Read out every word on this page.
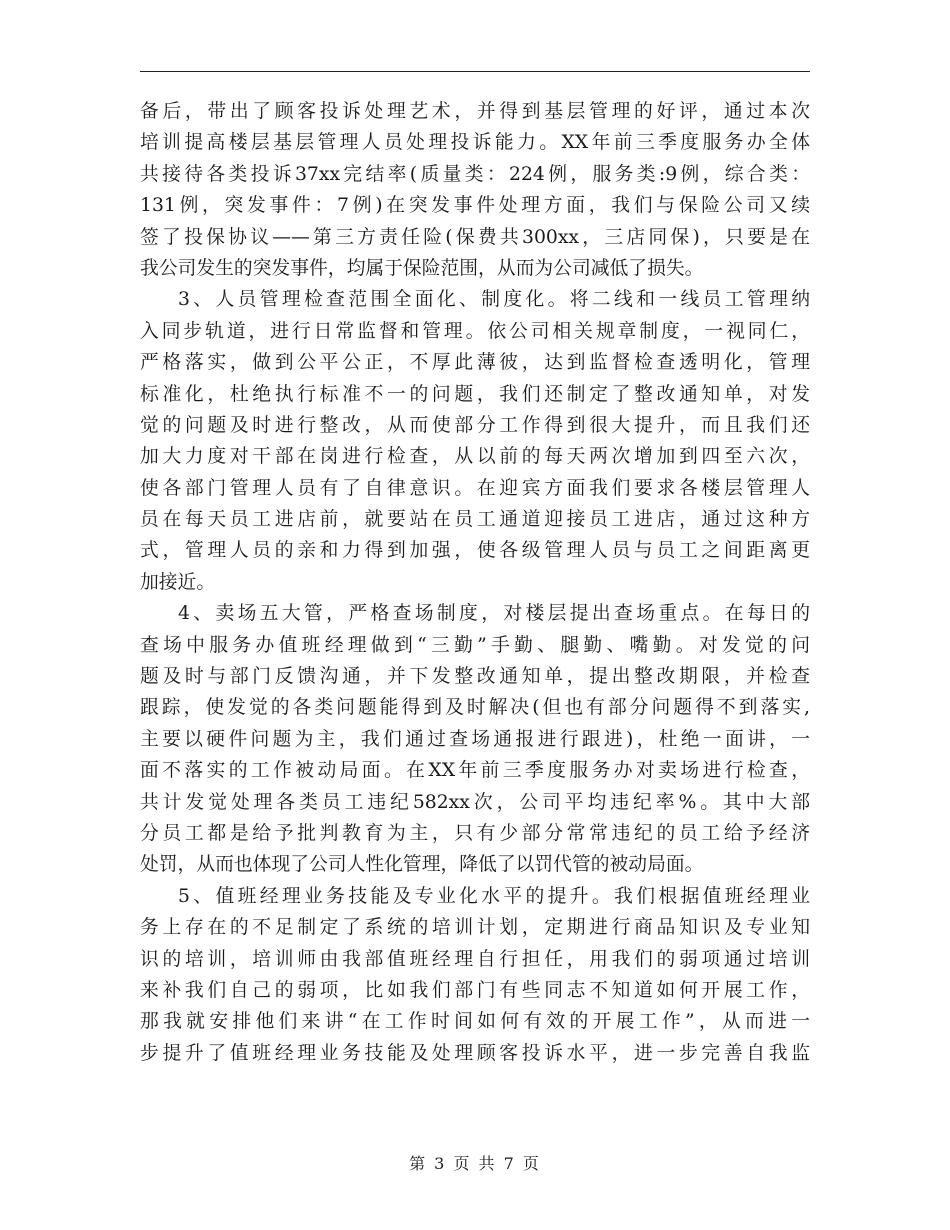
备后，带出了顾客投诉处理艺术，并得到基层管理的好评，通过本次
培训提高楼层基层管理人员处理投诉能力。XX年前三季度服务办全体
共接待各类投诉37xx完结率(质量类：224例，服务类:9例，综合类：
131例，突发事件：7例)在突发事件处理方面，我们与保险公司又续
签了投保协议——第三方责任险(保费共300xx，三店同保)，只要是在
我公司发生的突发事件，均属于保险范围，从而为公司减低了损失。
3、人员管理检查范围全面化、制度化。将二线和一线员工管理纳
入同步轨道，进行日常监督和管理。依公司相关规章制度，一视同仁，
严格落实，做到公平公正，不厚此薄彼，达到监督检查透明化，管理
标准化，杜绝执行标准不一的问题，我们还制定了整改通知单，对发
觉的问题及时进行整改，从而使部分工作得到很大提升，而且我们还
加大力度对干部在岗进行检查，从以前的每天两次增加到四至六次，
使各部门管理人员有了自律意识。在迎宾方面我们要求各楼层管理人
员在每天员工进店前，就要站在员工通道迎接员工进店，通过这种方
式，管理人员的亲和力得到加强，使各级管理人员与员工之间距离更
加接近。
4、卖场五大管，严格查场制度，对楼层提出查场重点。在每日的
查场中服务办值班经理做到“三勤”手勤、腿勤、嘴勤。对发觉的问
题及时与部门反馈沟通，并下发整改通知单，提出整改期限，并检查
跟踪，使发觉的各类问题能得到及时解决(但也有部分问题得不到落实,
主要以硬件问题为主，我们通过查场通报进行跟进)，杜绝一面讲，一
面不落实的工作被动局面。在XX年前三季度服务办对卖场进行检查，
共计发觉处理各类员工违纪582xx次，公司平均违纪率%。其中大部
分员工都是给予批判教育为主，只有少部分常常违纪的员工给予经济
处罚，从而也体现了公司人性化管理，降低了以罚代管的被动局面。
5、值班经理业务技能及专业化水平的提升。我们根据值班经理业
务上存在的不足制定了系统的培训计划，定期进行商品知识及专业知
识的培训，培训师由我部值班经理自行担任，用我们的弱项通过培训
来补我们自己的弱项，比如我们部门有些同志不知道如何开展工作，
那我就安排他们来讲“在工作时间如何有效的开展工作”，从而进一
步提升了值班经理业务技能及处理顾客投诉水平，进一步完善自我监
第 3 页 共 7 页
